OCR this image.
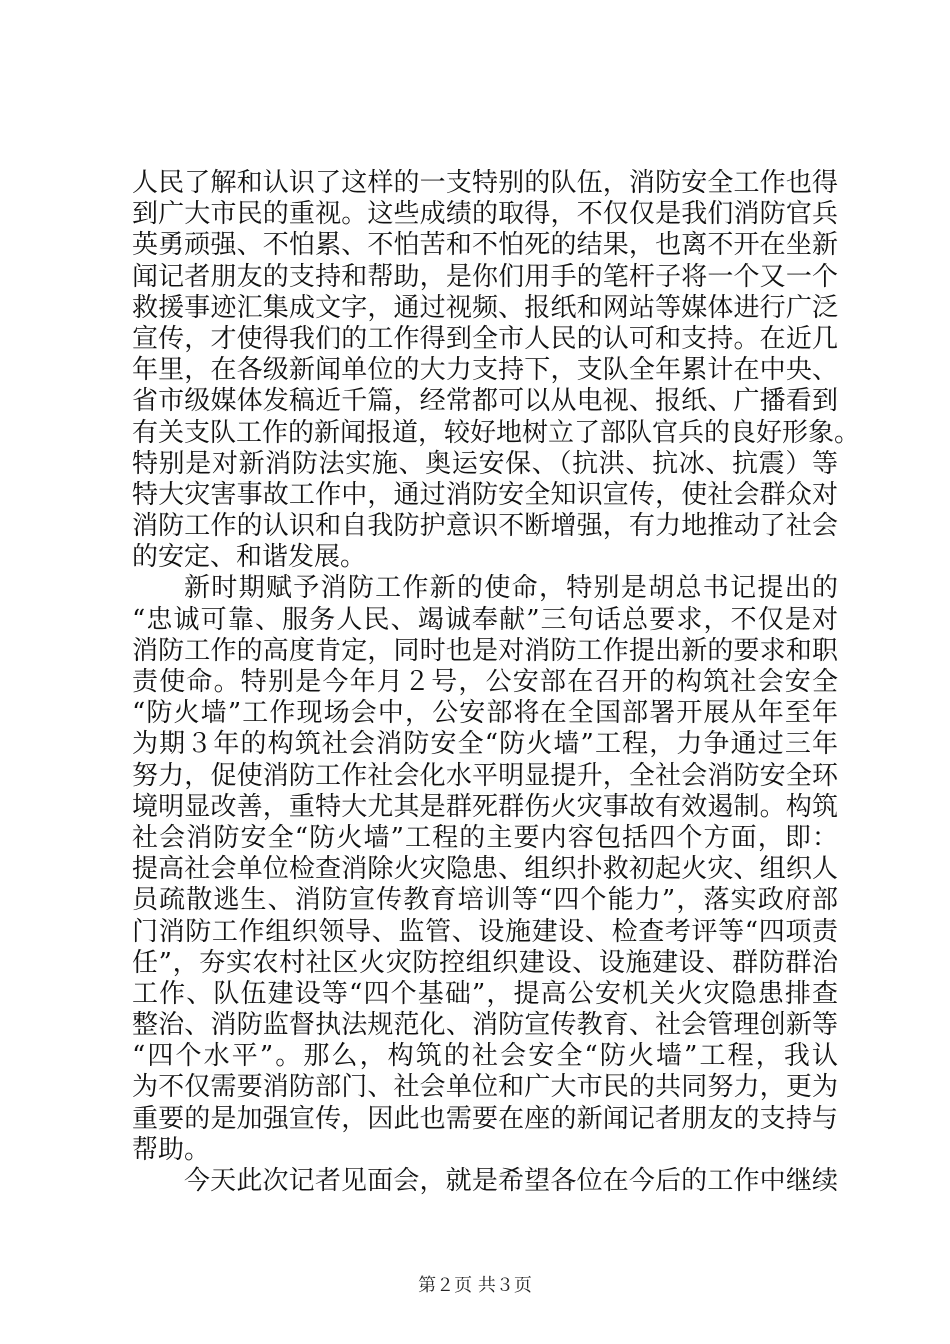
人民了解和认识了这样的一支特别的队伍，消防安全工作也得
到广大市民的重视。这些成绩的取得，不仅仅是我们消防官兵
英勇顽强、不怕累、不怕苦和不怕死的结果，也离不开在坐新
闻记者朋友的支持和帮助，是你们用手的笔杆子将一个又一个
救援事迹汇集成文字，通过视频、报纸和网站等媒体进行广泛
宣传，才使得我们的工作得到全市人民的认可和支持。在近几
年里，在各级新闻单位的大力支持下，支队全年累计在中央、
省市级媒体发稿近千篇，经常都可以从电视、报纸、广播看到
有关支队工作的新闻报道，较好地树立了部队官兵的良好形象。
特别是对新消防法实施、奥运安保、（抗洪、抗冰、抗震）等
特大灾害事故工作中，通过消防安全知识宣传，使社会群众对
消防工作的认识和自我防护意识不断增强，有力地推动了社会
的安定、和谐发展。
新时期赋予消防工作新的使命，特别是胡总书记提出的
“忠诚可靠、服务人民、竭诚奉献”三句话总要求，不仅是对
消防工作的高度肯定，同时也是对消防工作提出新的要求和职
责使命。特别是今年月２号，公安部在召开的构筑社会安全
“防火墙”工作现场会中，公安部将在全国部署开展从年至年
为期３年的构筑社会消防安全“防火墙”工程，力争通过三年
努力，促使消防工作社会化水平明显提升，全社会消防安全环
境明显改善，重特大尤其是群死群伤火灾事故有效遏制。构筑
社会消防安全“防火墙”工程的主要内容包括四个方面，即：
提高社会单位检查消除火灾隐患、组织扑救初起火灾、组织人
员疏散逃生、消防宣传教育培训等“四个能力”，落实政府部
门消防工作组织领导、监管、设施建设、检查考评等“四项责
任”，夯实农村社区火灾防控组织建设、设施建设、群防群治
工作、队伍建设等“四个基础”，提高公安机关火灾隐患排查
整治、消防监督执法规范化、消防宣传教育、社会管理创新等
“四个水平”。那么，构筑的社会安全“防火墙”工程，我认
为不仅需要消防部门、社会单位和广大市民的共同努力，更为
重要的是加强宣传，因此也需要在座的新闻记者朋友的支持与
帮助。
今天此次记者见面会，就是希望各位在今后的工作中继续
第２页 共３页
